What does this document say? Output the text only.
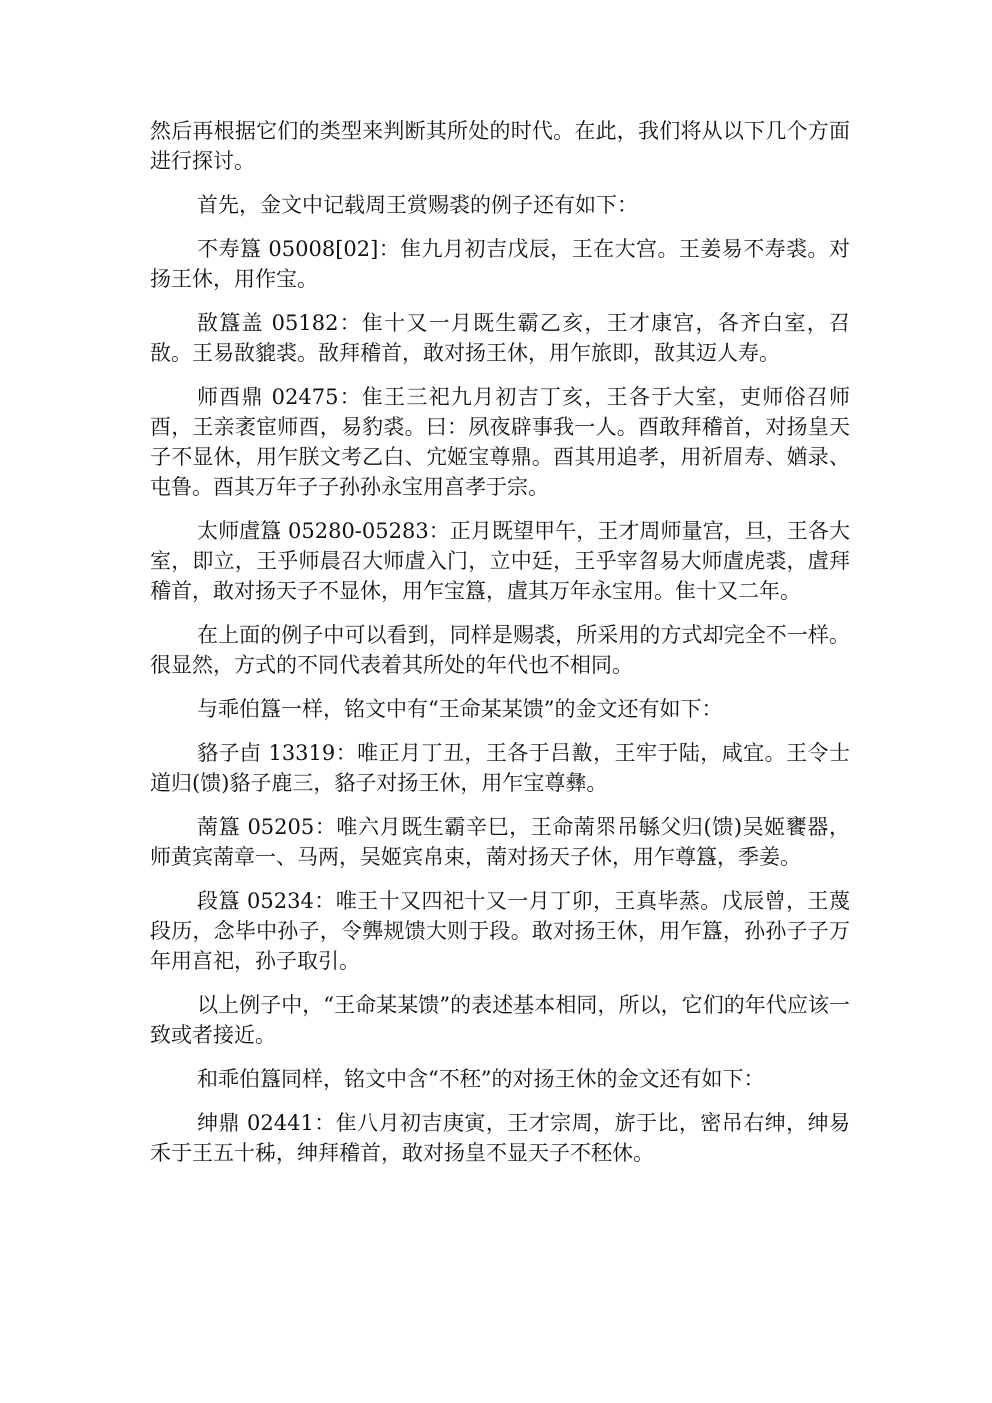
然后再根据它们的类型来判断其所处的时代。在此，我们将从以下几个方面进行探讨。

首先，金文中记载周王赏赐裘的例子还有如下：

不寿簋 05008[02]：隹九月初吉戊辰，王在大宫。王姜易不寿裘。对扬王休，用作宝。

敔簋盖 05182：隹十又一月既生霸乙亥，王才康宫，各齐白室，召敔。王易敔貔裘。敔拜稽首，敢对扬王休，用乍旅即，敔其迈人寿。

师酉鼎 02475：隹王三祀九月初吉丁亥，王各于大室，吏师俗召师酉，王亲袤宦师酉，易豹裘。曰：夙夜辟事我一人。酉敢拜稽首，对扬皇天子不显休，用乍朕文考乙白、宂姬宝尊鼎。酉其用追孝，用祈眉寿、媨录、屯鲁。酉其万年子子孙孙永宝用亯孝于宗。

太师虘簋 05280-05283：正月既望甲午，王才周师量宫，旦，王各大室，即立，王乎师晨召大师虘入门，立中廷，王乎宰曶易大师虘虎裘，虘拜稽首，敢对扬天子不显休，用乍宝簋，虘其万年永宝用。隹十又二年。

在上面的例子中可以看到，同样是赐裘，所采用的方式却完全不一样。很显然，方式的不同代表着其所处的年代也不相同。

与乖伯簋一样，铭文中有“王命某某馈”的金文还有如下：

貉子卣 13319：唯正月丁丑，王各于吕敾，王牢于陆，咸宜。王令士道归(馈)貉子鹿三，貉子对扬王休，用乍宝尊彝。

萳簋 05205：唯六月既生霸辛巳，王命萳眔吊緐父归(馈)吴姬饔器，师黄宾萳章一、马两，吴姬宾帛束，萳对扬天子休，用乍尊簋，季姜。

段簋 05234：唯王十又四祀十又一月丁卯，王真毕蒸。戊辰曾，王蔑段历，念毕中孙子，令龏规馈大则于段。敢对扬王休，用乍簋，孙孙子子万年用亯祀，孙子取引。

以上例子中，“王命某某馈”的表述基本相同，所以，它们的年代应该一致或者接近。

和乖伯簋同样，铭文中含“不秠”的对扬王休的金文还有如下：

绅鼎 02441：隹八月初吉庚寅，王才宗周，旂于比，密吊右绅，绅易禾于王五十秭，绅拜稽首，敢对扬皇不显天子不秠休。
